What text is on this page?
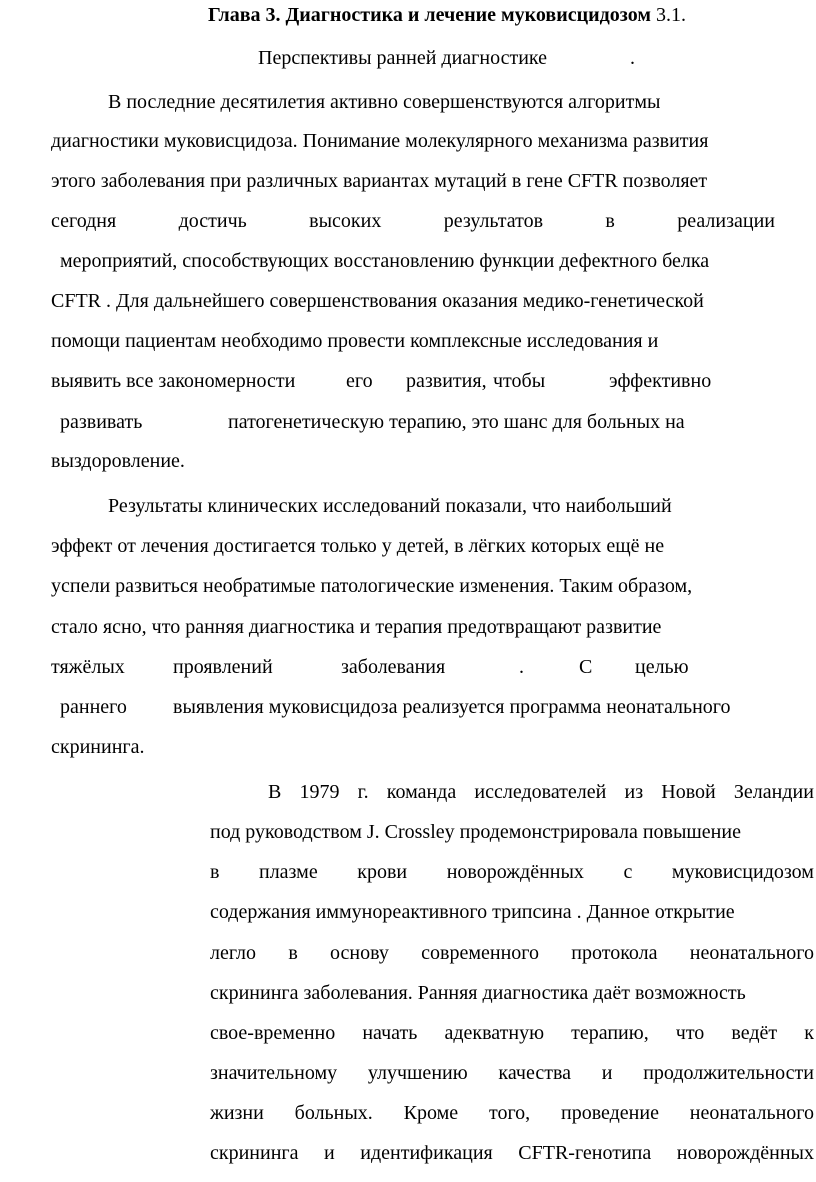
Глава 3. Диагностика и лечение муковисцидозом 3.1.
Перспективы ранней диагностике	.
В последние десятилетия активно совершенствуются алгоритмы
диагностики муковисцидоза. Понимание молекулярного механизма развития
этого заболевания при различных вариантах мутаций в гене CFTR позволяет
сегодня	достичь	высоких	результатов	в	реализации
мероприятий, способствующих восстановлению функции дефектного белка
CFTR . Для дальнейшего совершенствования оказания медико-генетической
помощи пациентам необходимо провести комплексные исследования и
выявить все закономерности	его развития, чтобы	эффективно
развивать	патогенетическую терапию, это шанс для больных на
выздоровление.
Результаты клинических исследований показали, что наибольший
эффект от лечения достигается только у детей, в лёгких которых ещё не
успели развиться необратимые патологические изменения. Таким образом,
стало ясно, что ранняя диагностика и терапия предотвращают развитие
тяжёлых проявлений	заболевания	.	С целью
раннего выявления муковисцидоза реализуется программа неонатального
скрининга.
В 1979 г. команда исследователей из Новой Зеландии
под руководством J. Crossley продемонстрировала повышение
в плазме крови новорождённых с муковисцидозом
содержания иммунореактивного трипсина . Данное открытие
легло в основу современного протокола неонатального
скрининга заболевания. Ранняя диагностика даёт возможность
свое-временно начать адекватную терапию, что ведёт к
значительному улучшению качества и продолжительности
жизни больных. Кроме того, проведение неонатального
скрининга и идентификация CFTR-генотипа новорождённых
